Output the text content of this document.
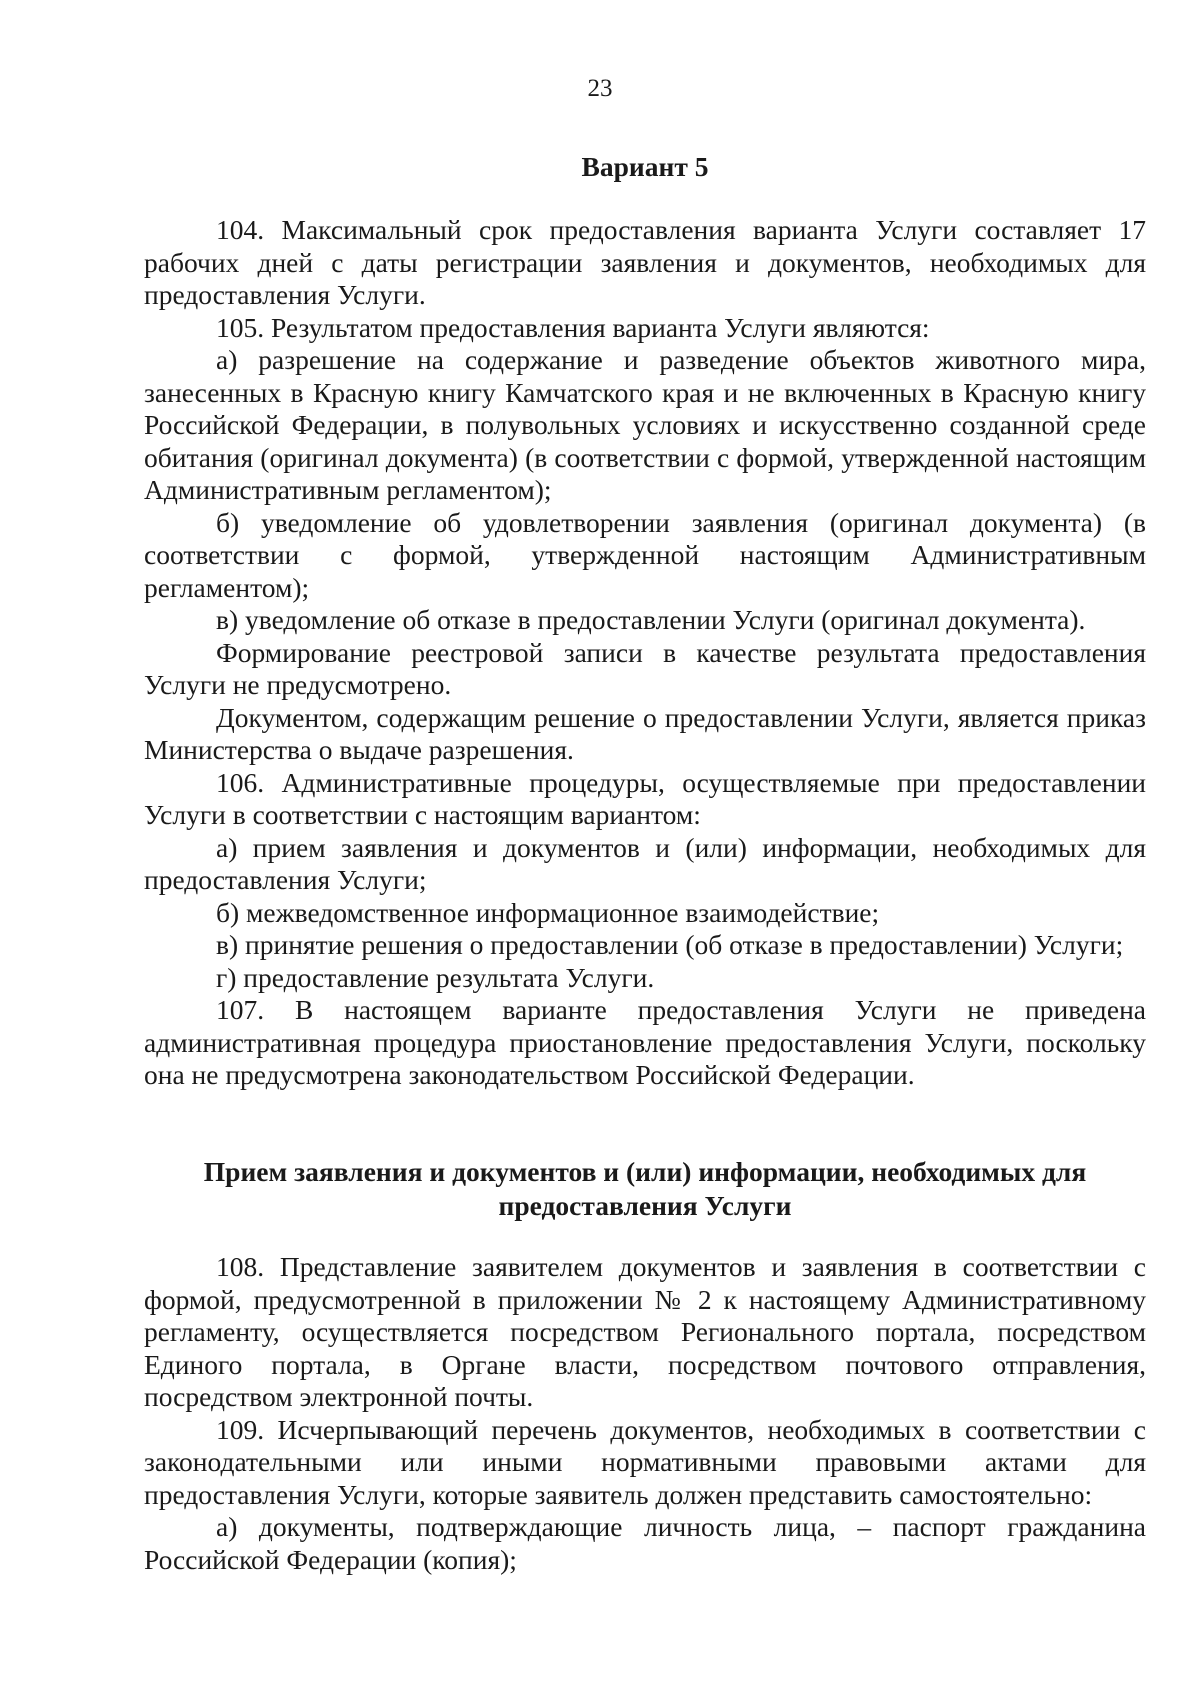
23
Вариант 5

104. Максимальный срок предоставления варианта Услуги составляет 17 рабочих дней с даты регистрации заявления и документов, необходимых для предоставления Услуги.

105. Результатом предоставления варианта Услуги являются:

а) разрешение на содержание и разведение объектов животного мира, занесенных в Красную книгу Камчатского края и не включенных в Красную книгу Российской Федерации, в полувольных условиях и искусственно созданной среде обитания (оригинал документа) (в соответствии с формой, утвержденной настоящим Административным регламентом);

б) уведомление об удовлетворении заявления (оригинал документа) (в соответствии с формой, утвержденной настоящим Административным регламентом);

в) уведомление об отказе в предоставлении Услуги (оригинал документа).

Формирование реестровой записи в качестве результата предоставления Услуги не предусмотрено.

Документом, содержащим решение о предоставлении Услуги, является приказ Министерства о выдаче разрешения.

106. Административные процедуры, осуществляемые при предоставлении Услуги в соответствии с настоящим вариантом:

а) прием заявления и документов и (или) информации, необходимых для предоставления Услуги;

б) межведомственное информационное взаимодействие;

в) принятие решения о предоставлении (об отказе в предоставлении) Услуги;

г) предоставление результата Услуги.

107. В настоящем варианте предоставления Услуги не приведена административная процедура приостановление предоставления Услуги, поскольку она не предусмотрена законодательством Российской Федерации.

Прием заявления и документов и (или) информации, необходимых для
предоставления Услуги

108. Представление заявителем документов и заявления в соответствии с формой, предусмотренной в приложении № 2 к настоящему Административному регламенту, осуществляется посредством Регионального портала, посредством Единого портала, в Органе власти, посредством почтового отправления, посредством электронной почты.

109. Исчерпывающий перечень документов, необходимых в соответствии с законодательными или иными нормативными правовыми актами для предоставления Услуги, которые заявитель должен представить самостоятельно:

а) документы, подтверждающие личность лица, – паспорт гражданина Российской Федерации (копия);
